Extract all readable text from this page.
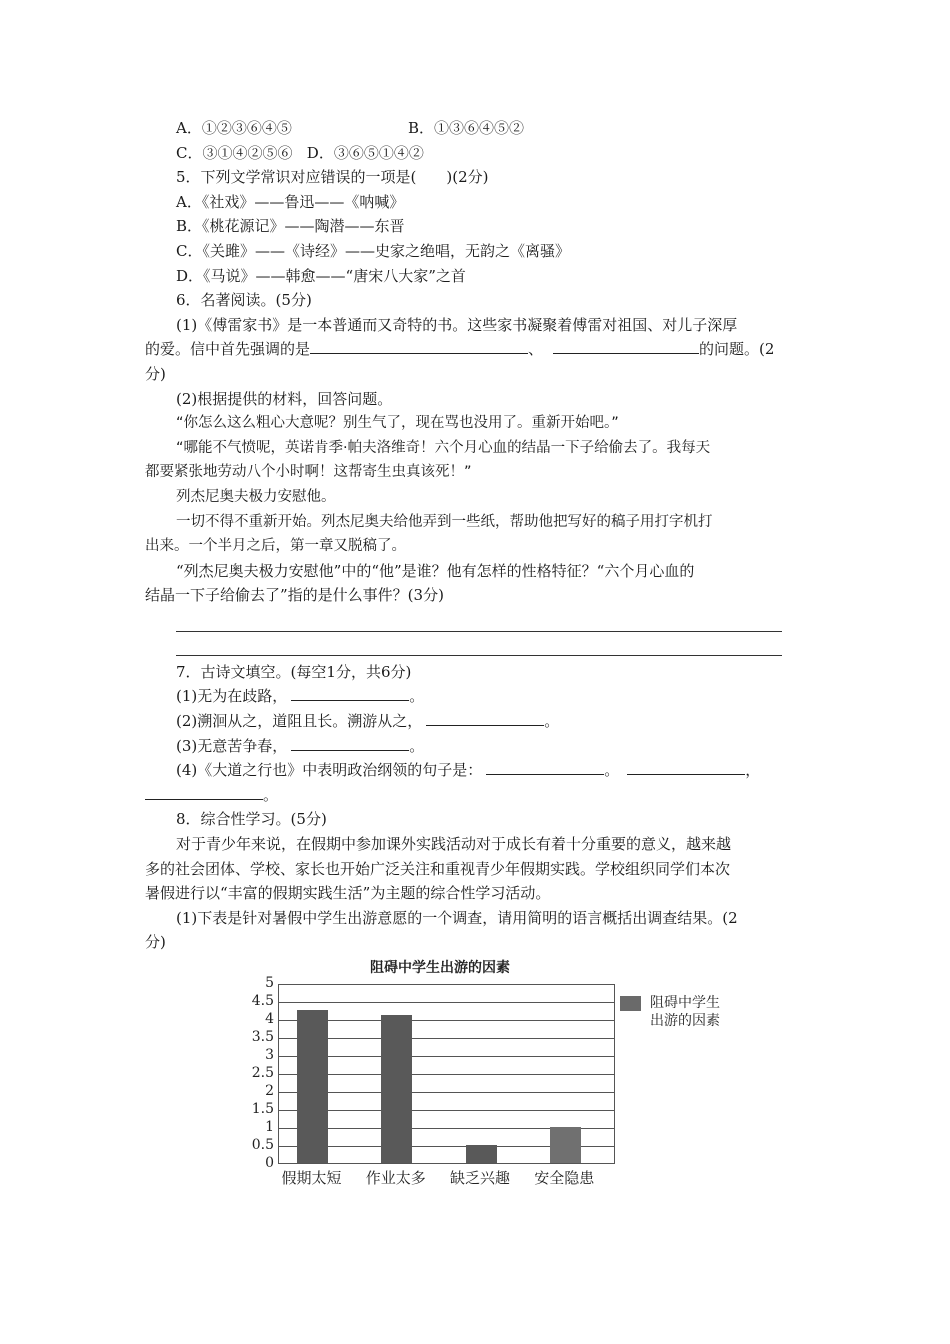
A．①②③⑥④⑤	B．①③⑥④⑤②
C．③①④②⑤⑥ D．③⑥⑤①④②
5．下列文学常识对应错误的一项是(　　)(2分)
A．《社戏》——鲁迅——《呐喊》
B．《桃花源记》——陶潜——东晋
C．《关雎》——《诗经》——史家之绝唱，无韵之《离骚》
D．《马说》——韩愈——“唐宋八大家”之首
6．名著阅读。(5分)
(1)《傅雷家书》是一本普通而又奇特的书。这些家书凝聚着傅雷对祖国、对儿子深厚
的爱。信中首先强调的是	、	的问题。(2
分)
(2)根据提供的材料，回答问题。
“你怎么这么粗心大意呢？别生气了，现在骂也没用了。重新开始吧。”
“哪能不气愤呢，英诺肯季·帕夫洛维奇！六个月心血的结晶一下子给偷去了。我每天
都要紧张地劳动八个小时啊！这帮寄生虫真该死！”
列杰尼奥夫极力安慰他。
一切不得不重新开始。列杰尼奥夫给他弄到一些纸，帮助他把写好的稿子用打字机打
出来。一个半月之后，第一章又脱稿了。
“列杰尼奥夫极力安慰他”中的“他”是谁？他有怎样的性格特征？“六个月心血的
结晶一下子给偷去了”指的是什么事件？(3分)
7．古诗文填空。(每空1分，共6分)
(1)无为在歧路，	。
(2)溯洄从之，道阻且长。溯游从之，	。
(3)无意苦争春，	。
(4)《大道之行也》中表明政治纲领的句子是：	。	，
。
8．综合性学习。(5分)
对于青少年来说，在假期中参加课外实践活动对于成长有着十分重要的意义，越来越
多的社会团体、学校、家长也开始广泛关注和重视青少年假期实践。学校组织同学们本次
暑假进行以“丰富的假期实践生活”为主题的综合性学习活动。
(1)下表是针对暑假中学生出游意愿的一个调查，请用简明的语言概括出调查结果。(2
分)
阻碍中学生出游的因素
0
0.5
1
1.5
2
2.5
3
3.5
4
4.5
5
假期太短	作业太多	缺乏兴趣	安全隐患
阻碍中学生
出游的因素
